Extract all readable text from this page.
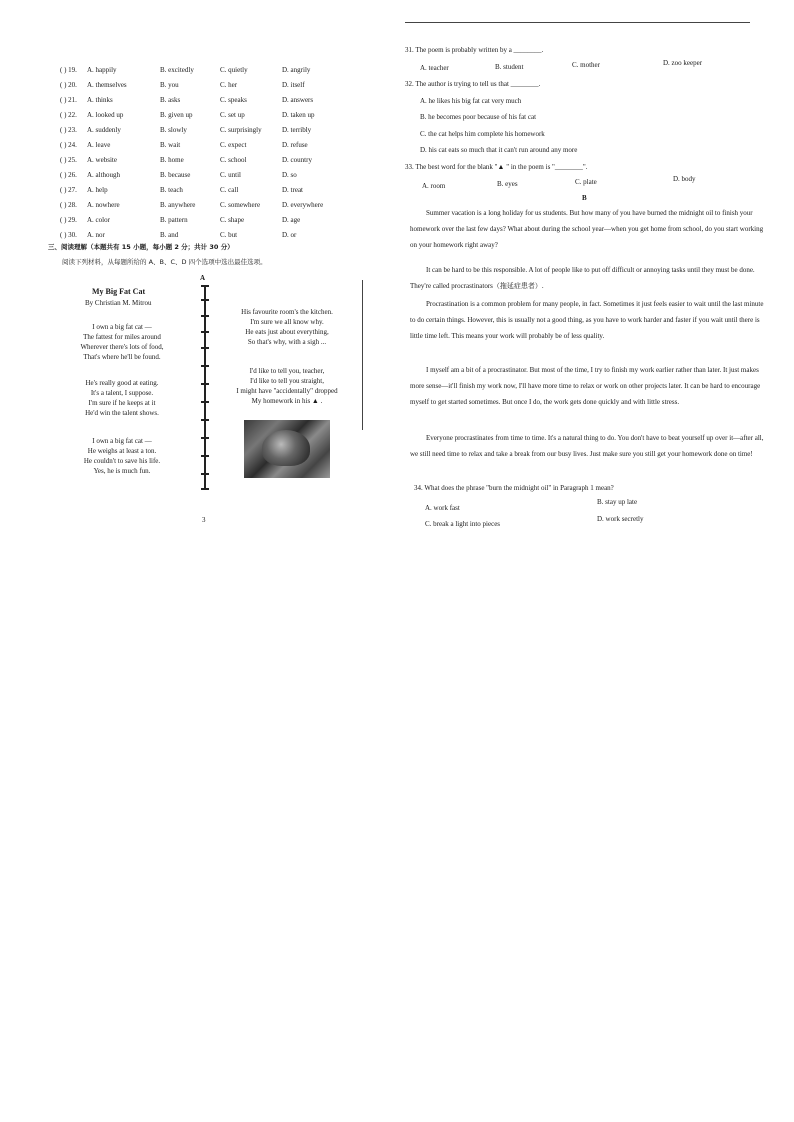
( ) 19. A. happily	B. excitedly	C. quietly	D. angrily
( ) 20. A. themselves	B. you	C. her	D. itself
( ) 21. A. thinks	B. asks	C. speaks	D. answers
( ) 22. A. looked up	B. given up	C. set up	D. taken up
( ) 23. A. suddenly	B. slowly	C. surprisingly	D. terribly
( ) 24. A. leave	B. wait	C. expect	D. refuse
( ) 25. A. website	B. home	C. school	D. country
( ) 26. A. although	B. because	C. until	D. so
( ) 27. A. help	B. teach	C. call	D. treat
( ) 28. A. nowhere	B. anywhere	C. somewhere	D. everywhere
( ) 29. A. color	B. pattern	C. shape	D. age
( ) 30. A. nor	B. and	C. but	D. or
三、阅读理解（本题共有 15 小题，每小题 2 分；共计 30 分）
阅读下列材料，从每题所给的 A、B、C、D 四个选项中选出最佳选项。
A
My Big Fat Cat
By Christian M. Mitrou
I own a big fat cat —
The fattest for miles around
Wherever there's lots of food,
That's where he'll be found.
He's really good at eating.
It's a talent, I suppose.
I'm sure if he keeps at it
He'd win the talent shows.
I own a big fat cat —
He weighs at least a ton.
He couldn't to save his life.
Yes, he is much fun.
His favourite room's the kitchen.
I'm sure we all know why.
He eats just about everything,
So that's why, with a sigh ...
I'd like to tell you, teacher,
I'd like to tell you straight,
I might have "accidentally" dropped
My homework in his ▲ .
3
31. The poem is probably written by a ________.
A. teacher	B. student	C. mother	D. zoo keeper
32. The author is trying to tell us that ________.
A. he likes his big fat cat very much
B. he becomes poor because of his fat cat
C. the cat helps him complete his homework
D. his cat eats so much that it can't run around any more
33. The best word for the blank "▲ " in the poem is "________".
A. room	B. eyes	C. plate	D. body
B
Summer vacation is a long holiday for us students. But how many of you have burned the midnight oil to finish your homework over the last few days? What about during the school year—when you get home from school, do you start working on your homework right away?
It can be hard to be this responsible. A lot of people like to put off difficult or annoying tasks until they must be done. They're called procrastinators（拖延症患者）.
Procrastination is a common problem for many people, in fact. Sometimes it just feels easier to wait until the last minute to do certain things. However, this is usually not a good thing, as you have to work harder and faster if you wait until there is little time left. This means your work will probably be of less quality.
I myself am a bit of a procrastinator. But most of the time, I try to finish my work earlier rather than later. It just makes more sense—it'll finish my work now, I'll have more time to relax or work on other projects later. It can be hard to encourage myself to get started sometimes. But once I do, the work gets done quickly and with little stress.
Everyone procrastinates from time to time. It's a natural thing to do. You don't have to beat yourself up over it—after all, we still need time to relax and take a break from our busy lives. Just make sure you still get your homework done on time!
34. What does the phrase "burn the midnight oil" in Paragraph 1 mean?
A. work fast
B. stay up late
C. break a light into pieces
D. work secretly
